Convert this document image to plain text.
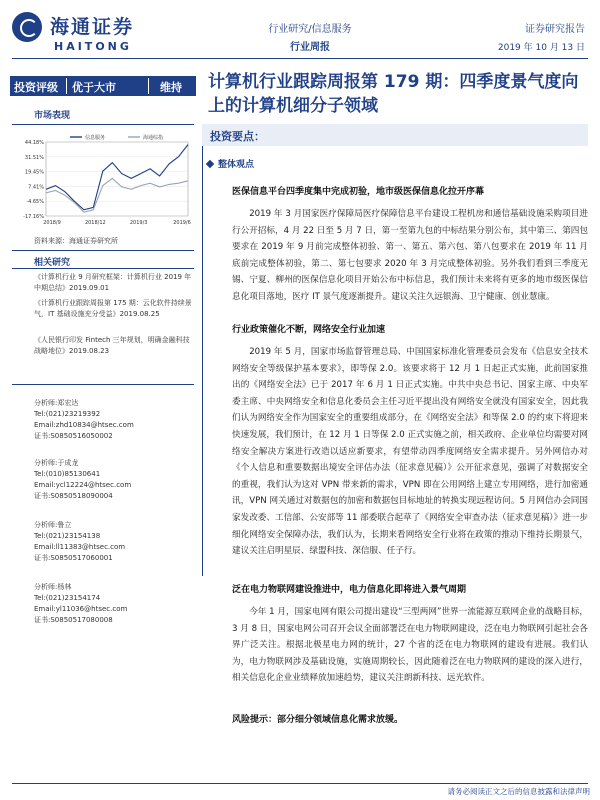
海通证券
HAITONG
行业研究/信息服务
行业周报
证券研究报告
2019 年 10 月 13 日
投资评级 优于大市	维持 计算机行业跟踪周报第 179 期：四季度景气度向上的计算机细分子领域
市场表现
44.18%
31.51%
19.45%
7.41%
-4.65%
-17.16%
2018/9	2018/12	2019/3	2019/6
信息服务	海通综指
资料来源：海通证券研究所
相关研究
《计算机行业 9 月研究框架：计算机行业 2019 年中期总结》2019.09.01
《计算机行业跟踪周报第 175 期：云化软件持续景气，IT 基础设施充分受益》2019.08.25
《人民银行印发 Fintech 三年规划，明确金融科技战略地位》2019.08.23
分析师:郑宏达
Tel:(021)23219392
Email:zhd10834@htsec.com
证书:S0850516050002
分析师:于成龙
Tel:(010)85130641
Email:ycl12224@htsec.com
证书:S0850518090004
分析师:鲁立
Tel:(021)23154138
Email:ll11383@htsec.com
证书:S0850517060001
分析师:杨林
Tel:(021)23154174
Email:yl11036@htsec.com
证书:S0850517080008
投资要点：
整体观点
医保信息平台四季度集中完成初验，地市级医保信息化拉开序幕
2019 年 3 月国家医疗保障局医疗保障信息平台建设工程机房和通信基础设施采购项目进行公开招标，4 月 22 日至 5 月 7 日，第一至第九包的中标结果分别公布，其中第三、第四包要求在 2019 年 9 月前完成整体初验、第一、第五、第六包、第八包要求在 2019 年 11 月底前完成整体初验，第二、第七包要求 2020 年 3 月完成整体初验。另外我们看到三季度无锡、宁夏、柳州的医保信息化项目开始公布中标信息，我们预计未来将有更多的地市级医保信息化项目落地，医疗 IT 景气度逐渐提升。建议关注久远银海、卫宁健康、创业慧康。
行业政策催化不断，网络安全行业加速
2019 年 5 月，国家市场监督管理总局、中国国家标准化管理委员会发布《信息安全技术网络安全等级保护基本要求》，即等保 2.0。该要求将于 12 月 1 日起正式实施，此前国家推出的《网络安全法》已于 2017 年 6 月 1 日正式实施。中共中央总书记、国家主席、中央军委主席、中央网络安全和信息化委员会主任习近平提出没有网络安全就没有国家安全，因此我们认为网络安全作为国家安全的重要组成部分，在《网络安全法》和等保 2.0 的约束下将迎来快速发展，我们预计，在 12 月 1 日等保 2.0 正式实施之前，相关政府、企业单位均需要对网络安全解决方案进行改造以适应新要求，有望带动四季度网络安全需求提升。另外网信办对《个人信息和重要数据出境安全评估办法（征求意见稿）》公开征求意见，强调了对数据安全的重视，我们认为这对 VPN 带来新的需求，VPN 即在公用网络上建立专用网络，进行加密通讯，VPN 网关通过对数据包的加密和数据包目标地址的转换实现远程访问。5 月网信办会同国家发改委、工信部、公安部等 11 部委联合起草了《网络安全审查办法（征求意见稿）》进一步细化网络安全保障办法，我们认为，长期来看网络安全行业将在政策的推动下维持长期景气，建议关注启明星辰、绿盟科技、深信服、任子行。
泛在电力物联网建设推进中，电力信息化即将进入景气周期
今年 1 月，国家电网有限公司提出建设“三型两网”世界一流能源互联网企业的战略目标，3 月 8 日，国家电网公司召开会议全面部署泛在电力物联网建设，泛在电力物联网引起社会各界广泛关注。根据北极星电力网的统计，27 个省的泛在电力物联网的建设有进展。我们认为，电力物联网涉及基础设施，实施周期较长，因此随着泛在电力物联网的建设的深入进行，相关信息化企业业绩释放加速趋势，建议关注朗新科技、远光软件。
风险提示：部分细分领域信息化需求放缓。
请务必阅读正文之后的信息披露和法律声明
